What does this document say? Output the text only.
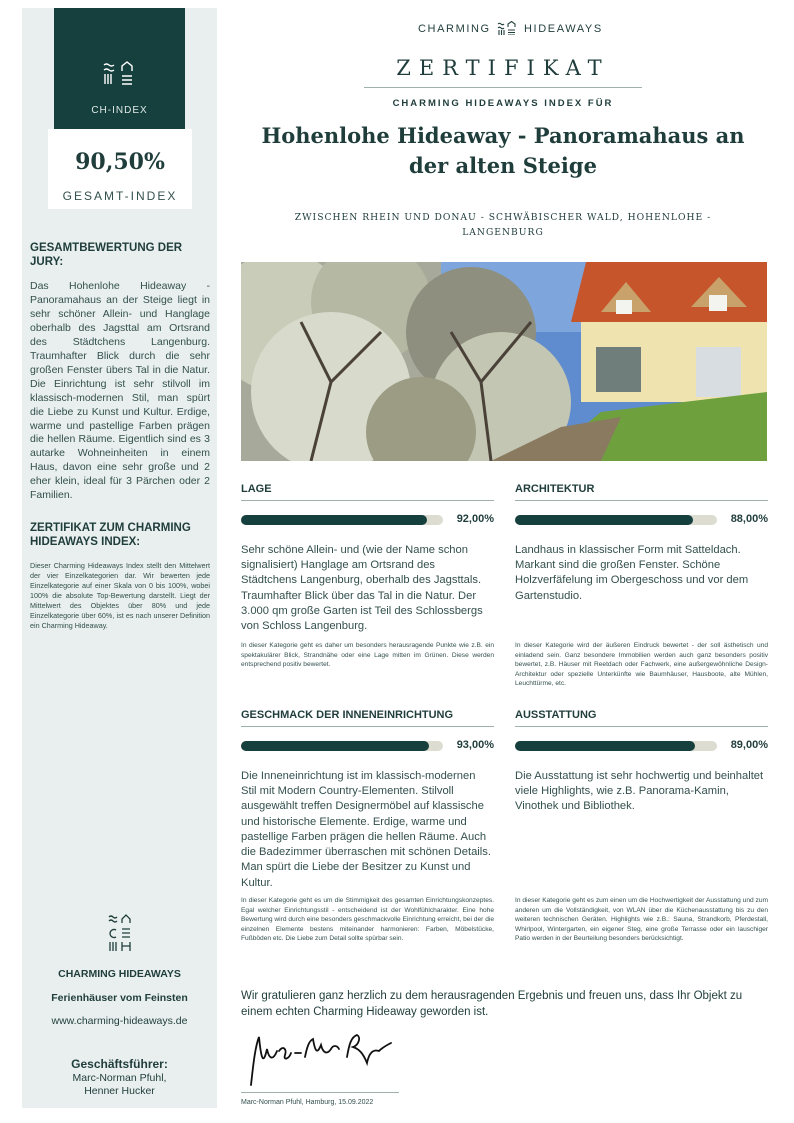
CH-INDEX
90,50%
GESAMT-INDEX
GESAMTBEWERTUNG DER JURY:
Das Hohenlohe Hideaway - Panoramahaus an der Steige liegt in sehr schöner Allein- und Hanglage oberhalb des Jagsttal am Ortsrand des Städtchens Langenburg. Traumhafter Blick durch die sehr großen Fenster übers Tal in die Natur. Die Einrichtung ist sehr stilvoll im klassisch-modernen Stil, man spürt die Liebe zu Kunst und Kultur. Erdige, warme und pastellige Farben prägen die hellen Räume. Eigentlich sind es 3 autarke Wohneinheiten in einem Haus, davon eine sehr große und 2 eher klein, ideal für 3 Pärchen oder 2 Familien.
ZERTIFIKAT ZUM CHARMING HIDEAWAYS INDEX:
Dieser Charming Hideaways Index stellt den Mittelwert der vier Einzelkategorien dar. Wir bewerten jede Einzelkategorie auf einer Skala von 0 bis 100%, wobei 100% die absolute Top-Bewertung darstellt. Liegt der Mittelwert des Objektes über 80% und jede Einzelkategorie über 60%, ist es nach unserer Definition ein Charming Hideaway.
CHARMING HIDEAWAYS
Ferienhäuser vom Feinsten
www.charming-hideaways.de
Geschäftsführer:
Marc-Norman Pfuhl,
Henner Hucker
CHARMING	HIDEAWAYS
ZERTIFIKAT
CHARMING HIDEAWAYS INDEX FÜR
Hohenlohe Hideaway - Panoramahaus an der alten Steige
ZWISCHEN RHEIN UND DONAU - SCHWÄBISCHER WALD, HOHENLOHE - LANGENBURG
LAGE
92,00%
Sehr schöne Allein- und (wie der Name schon signalisiert) Hanglage am Ortsrand des Städtchens Langenburg, oberhalb des Jagsttals. Traumhafter Blick über das Tal in die Natur. Der 3.000 qm große Garten ist Teil des Schlossbergs von Schloss Langenburg.
In dieser Kategorie geht es daher um besonders herausragende Punkte wie z.B. ein spektakulärer Blick, Strandnähe oder eine Lage mitten im Grünen. Diese werden entsprechend positiv bewertet.
ARCHITEKTUR
88,00%
Landhaus in klassischer Form mit Satteldach. Markant sind die großen Fenster. Schöne Holzverfäfelung im Obergeschoss und vor dem Gartenstudio.
In dieser Kategorie wird der äußeren Eindruck bewertet - der soll ästhetisch und einladend sein. Ganz besondere Immobilien werden auch ganz besonders positiv bewertet, z.B. Häuser mit Reetdach oder Fachwerk, eine außergewöhnliche Design-Architektur oder spezielle Unterkünfte wie Baumhäuser, Hausboote, alte Mühlen, Leuchttürme, etc.
GESCHMACK DER INNENEINRICHTUNG
93,00%
Die Inneneinrichtung ist im klassisch-modernen Stil mit Modern Country-Elementen. Stilvoll ausgewählt treffen Designermöbel auf klassische und historische Elemente. Erdige, warme und pastellige Farben prägen die hellen Räume. Auch die Badezimmer überraschen mit schönen Details. Man spürt die Liebe der Besitzer zu Kunst und Kultur.
In dieser Kategorie geht es um die Stimmigkeit des gesamten Einrichtungskonzeptes. Egal welcher Einrichtungsstil - entscheidend ist der Wohlfühlcharakter. Eine hohe Bewertung wird durch eine besonders geschmackvolle Einrichtung erreicht, bei der die einzelnen Elemente bestens miteinander harmonieren: Farben, Möbelstücke, Fußböden etc. Die Liebe zum Detail sollte spürbar sein.
AUSSTATTUNG
89,00%
Die Ausstattung ist sehr hochwertig und beinhaltet viele Highlights, wie z.B. Panorama-Kamin, Vinothek und Bibliothek.
In dieser Kategorie geht es zum einen um die Hochwertigkeit der Ausstattung und zum anderen um die Vollständigkeit, von WLAN über die Küchenausstattung bis zu den weiteren technischen Geräten. Highlights wie z.B.: Sauna, Strandkorb, Pferdestall, Whirlpool, Wintergarten, ein eigener Steg, eine große Terrasse oder ein lauschiger Patio werden in der Beurteilung besonders berücksichtigt.
Wir gratulieren ganz herzlich zu dem herausragenden Ergebnis und freuen uns, dass Ihr Objekt zu einem echten Charming Hideaway geworden ist.
Marc-Norman Pfuhl, Hamburg, 15.09.2022
